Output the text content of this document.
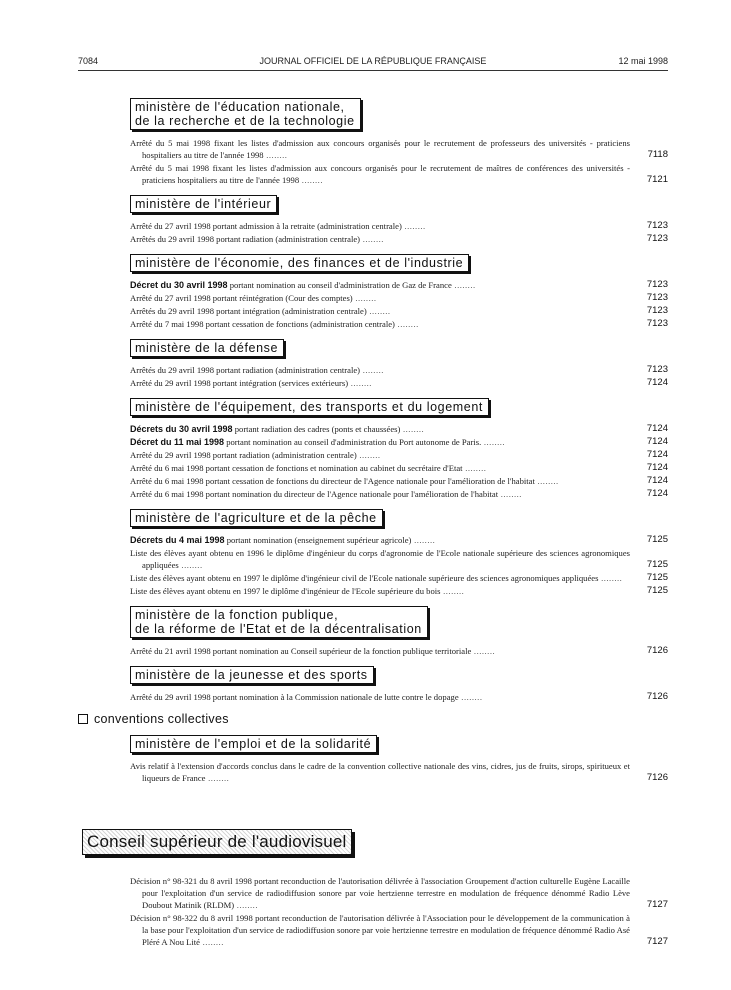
7084	JOURNAL OFFICIEL DE LA RÉPUBLIQUE FRANÇAISE	12 mai 1998
ministère de l'éducation nationale,
de la recherche et de la technologie
Arrêté du 5 mai 1998 fixant les listes d'admission aux concours organisés pour le recrutement de professeurs des universités - praticiens hospitaliers au titre de l'année 1998 ........	7118
Arrêté du 5 mai 1998 fixant les listes d'admission aux concours organisés pour le recrutement de maîtres de conférences des universités - praticiens hospitaliers au titre de l'année 1998 ........	7121
ministère de l'intérieur
Arrêté du 27 avril 1998 portant admission à la retraite (administration centrale) ........	7123
Arrêtés du 29 avril 1998 portant radiation (administration centrale) ........	7123
ministère de l'économie, des finances et de l'industrie
Décret du 30 avril 1998 portant nomination au conseil d'administration de Gaz de France ........	7123
Arrêté du 27 avril 1998 portant réintégration (Cour des comptes) ........	7123
Arrêtés du 29 avril 1998 portant intégration (administration centrale) ........	7123
Arrêté du 7 mai 1998 portant cessation de fonctions (administration centrale) ........	7123
ministère de la défense
Arrêtés du 29 avril 1998 portant radiation (administration centrale) ........	7123
Arrêté du 29 avril 1998 portant intégration (services extérieurs) ........	7124
ministère de l'équipement, des transports et du logement
Décrets du 30 avril 1998 portant radiation des cadres (ponts et chaussées) ........	7124
Décret du 11 mai 1998 portant nomination au conseil d'administration du Port autonome de Paris. ........	7124
Arrêté du 29 avril 1998 portant radiation (administration centrale) ........	7124
Arrêté du 6 mai 1998 portant cessation de fonctions et nomination au cabinet du secrétaire d'Etat ........	7124
Arrêté du 6 mai 1998 portant cessation de fonctions du directeur de l'Agence nationale pour l'amélioration de l'habitat ........	7124
Arrêté du 6 mai 1998 portant nomination du directeur de l'Agence nationale pour l'amélioration de l'habitat ........	7124
ministère de l'agriculture et de la pêche
Décrets du 4 mai 1998 portant nomination (enseignement supérieur agricole) ........	7125
Liste des élèves ayant obtenu en 1996 le diplôme d'ingénieur du corps d'agronomie de l'Ecole nationale supérieure des sciences agronomiques appliquées ........	7125
Liste des élèves ayant obtenu en 1997 le diplôme d'ingénieur civil de l'Ecole nationale supérieure des sciences agronomiques appliquées ........	7125
Liste des élèves ayant obtenu en 1997 le diplôme d'ingénieur de l'Ecole supérieure du bois ........	7125
ministère de la fonction publique,
de la réforme de l'Etat et de la décentralisation
Arrêté du 21 avril 1998 portant nomination au Conseil supérieur de la fonction publique territoriale ........	7126
ministère de la jeunesse et des sports
Arrêté du 29 avril 1998 portant nomination à la Commission nationale de lutte contre le dopage ........	7126
conventions collectives
ministère de l'emploi et de la solidarité
Avis relatif à l'extension d'accords conclus dans le cadre de la convention collective nationale des vins, cidres, jus de fruits, sirops, spiritueux et liqueurs de France ........	7126
Conseil supérieur de l'audiovisuel
Décision n° 98-321 du 8 avril 1998 portant reconduction de l'autorisation délivrée à l'association Groupement d'action culturelle Eugène Lacaille pour l'exploitation d'un service de radiodiffusion sonore par voie hertzienne terrestre en modulation de fréquence dénommé Radio Lève Doubout Matinik (RLDM) ........	7127
Décision n° 98-322 du 8 avril 1998 portant reconduction de l'autorisation délivrée à l'Association pour le développement de la communication à la base pour l'exploitation d'un service de radiodiffusion sonore par voie hertzienne terrestre en modulation de fréquence dénommé Radio Asé Pléré A Nou Lité ........	7127
